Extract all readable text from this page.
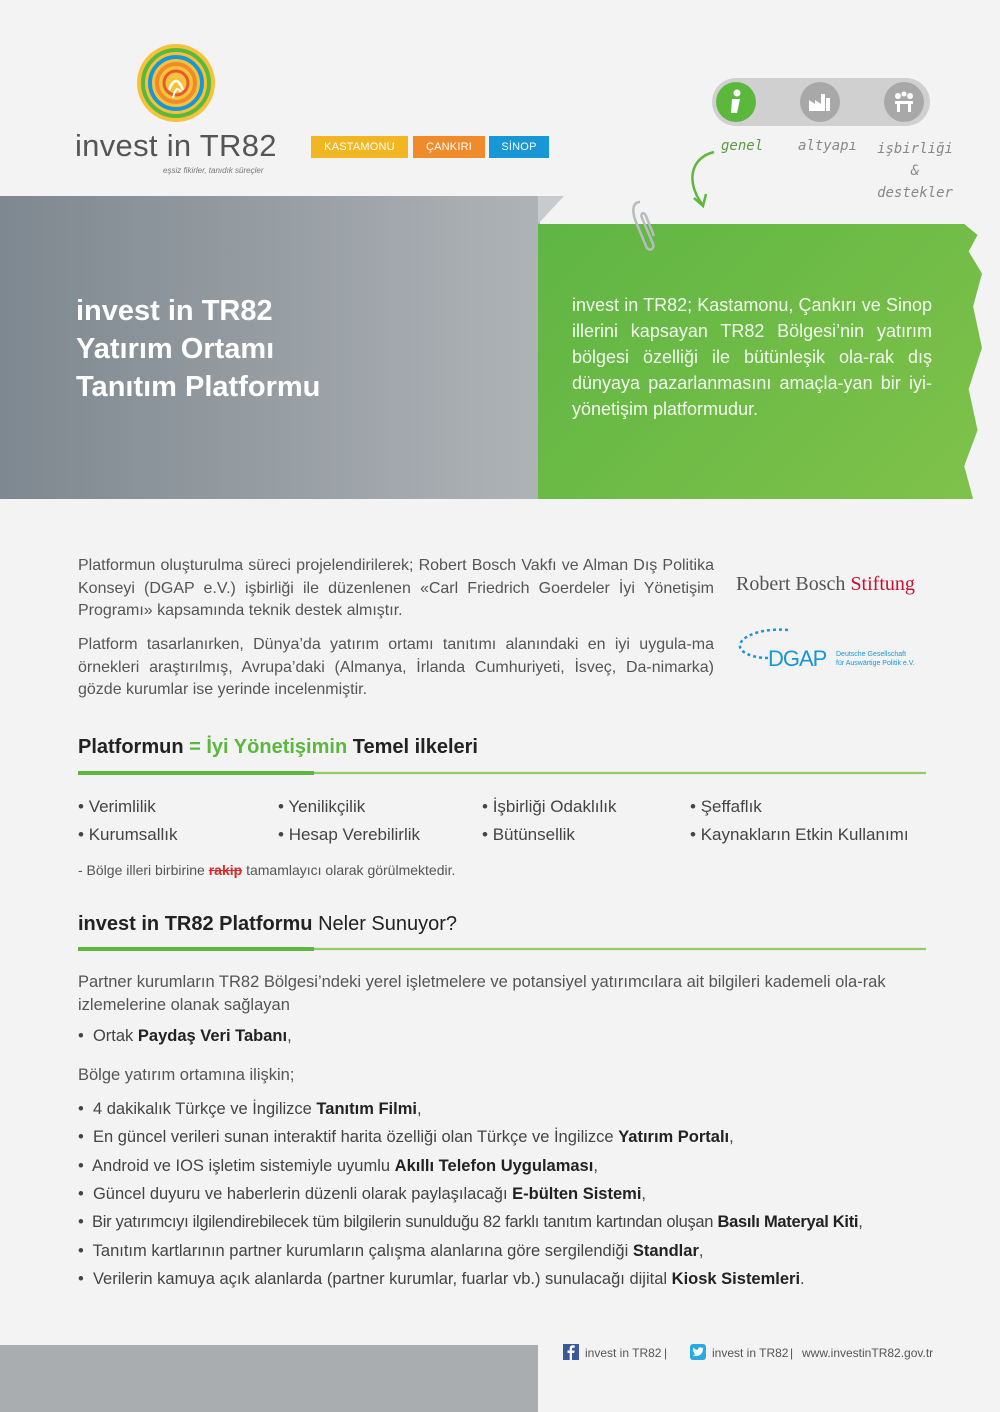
invest in TR82
eşsiz fikirler, tanıdık süreçler
KASTAMONU	ÇANKIRI	SİNOP	genel altyapı	işbirliği &
destekler
invest in TR82
Yatırım Ortamı
Tanıtım Platformu
invest in TR82; Kastamonu, Çankırı ve Sinop illerini kapsayan TR82 Bölgesi’nin yatırım bölgesi özelliği ile bütünleşik ola-rak dış dünyaya pazarlanmasını amaçla-yan bir iyi-yönetişim platformudur.
Platformun oluşturulma süreci projelendirilerek; Robert Bosch Vakfı ve Alman Dış Politika Konseyi (DGAP e.V.) işbirliği ile düzenlenen «Carl Friedrich Goerdeler İyi Yönetişim Programı» kapsamında teknik destek almıştır.
Platform tasarlanırken, Dünya’da yatırım ortamı tanıtımı alanındaki en iyi uygula-ma örnekleri araştırılmış, Avrupa’daki (Almanya, İrlanda Cumhuriyeti, İsveç, Da-nimarka) gözde kurumlar ise yerinde incelenmiştir.
Robert Bosch Stiftung
DGAP Deutsche Gesellschaft
für Auswärtige Politik e.V.
Platformun = İyi Yönetişimin Temel ilkeleri
• Verimlilik	• Yenilikçilik	• İşbirliği Odaklılık	• Şeffaflık
• Kurumsallık	• Hesap Verebilirlik	• Bütünsellik	• Kaynakların Etkin Kullanımı
- Bölge illeri birbirine rakip tamamlayıcı olarak görülmektedir.
invest in TR82 Platformu Neler Sunuyor?
Partner kurumların TR82 Bölgesi’ndeki yerel işletmelere ve potansiyel yatırımcılara ait bilgileri kademeli ola-rak izlemelerine olanak sağlayan
•  Ortak Paydaş Veri Tabanı,
Bölge yatırım ortamına ilişkin;
•  4 dakikalık Türkçe ve İngilizce Tanıtım Filmi,
•  En güncel verileri sunan interaktif harita özelliği olan Türkçe ve İngilizce Yatırım Portalı,
•  Android ve IOS işletim sistemiyle uyumlu Akıllı Telefon Uygulaması,
•  Güncel duyuru ve haberlerin düzenli olarak paylaşılacağı E-bülten Sistemi,
•  Bir yatırımcıyı ilgilendirebilecek tüm bilgilerin sunulduğu 82 farklı tanıtım kartından oluşan Basılı Materyal Kiti,
•  Tanıtım kartlarının partner kurumların çalışma alanlarına göre sergilendiği Standlar,
•  Verilerin kamuya açık alanlarda (partner kurumlar, fuarlar vb.) sunulacağı dijital Kiosk Sistemleri.
invest in TR82 |	invest in TR82 | www.investinTR82.gov.tr
